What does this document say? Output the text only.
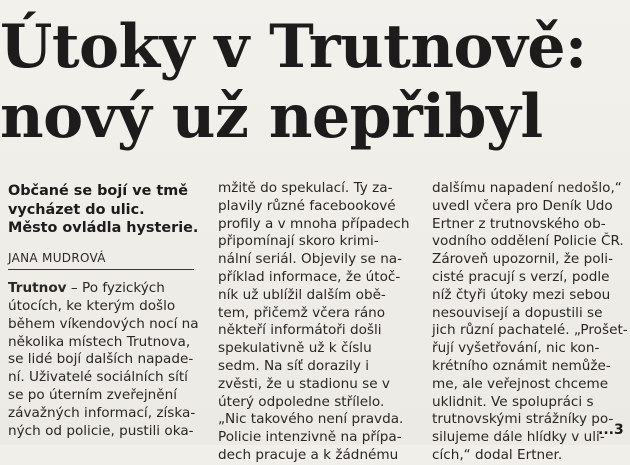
Útoky v Trutnově:
nový už nepřibyl
Občané se bojí ve tmě
vycházet do ulic.
Město ovládla hysterie.
JANA MUDROVÁ
Trutnov – Po fyzických
útocích, ke kterým došlo
během víkendových nocí na
několika místech Trutnova,
se lidé bojí dalších napade-
ní. Uživatelé sociálních sítí
se po úterním zveřejnění
závažných informací, získa-
ných od policie, pustili oka-
mžitě do spekulací. Ty za-
plavily různé facebookové
profily a v mnoha případech
připomínají skoro krimi-
nální seriál. Objevily se na-
příklad informace, že útoč-
ník už ublížil dalším obě-
tem, přičemž včera ráno
někteří informátoři došli
spekulativně už k číslu
sedm. Na síť dorazily i
zvěsti, že u stadionu se v
úterý odpoledne střílelo.
„Nic takového není pravda.
Policie intenzivně na přípa-
dech pracuje a k žádnému
dalšímu napadení nedošlo,“
uvedl včera pro Deník Udo
Ertner z trutnovského ob-
vodního oddělení Policie ČR.
Zároveň upozornil, že poli-
cisté pracují s verzí, podle
níž čtyři útoky mezi sebou
nesouvisejí a dopustili se
jich různí pachatelé. „Prošet-
řují vyšetřování, nic kon-
krétního oznámit nemůže-
me, ale veřejnost chceme
uklidnit. Ve spolupráci s
trutnovskými strážníky po-
silujeme dále hlídky v uli-
cích,“ dodal Ertner.
...3
